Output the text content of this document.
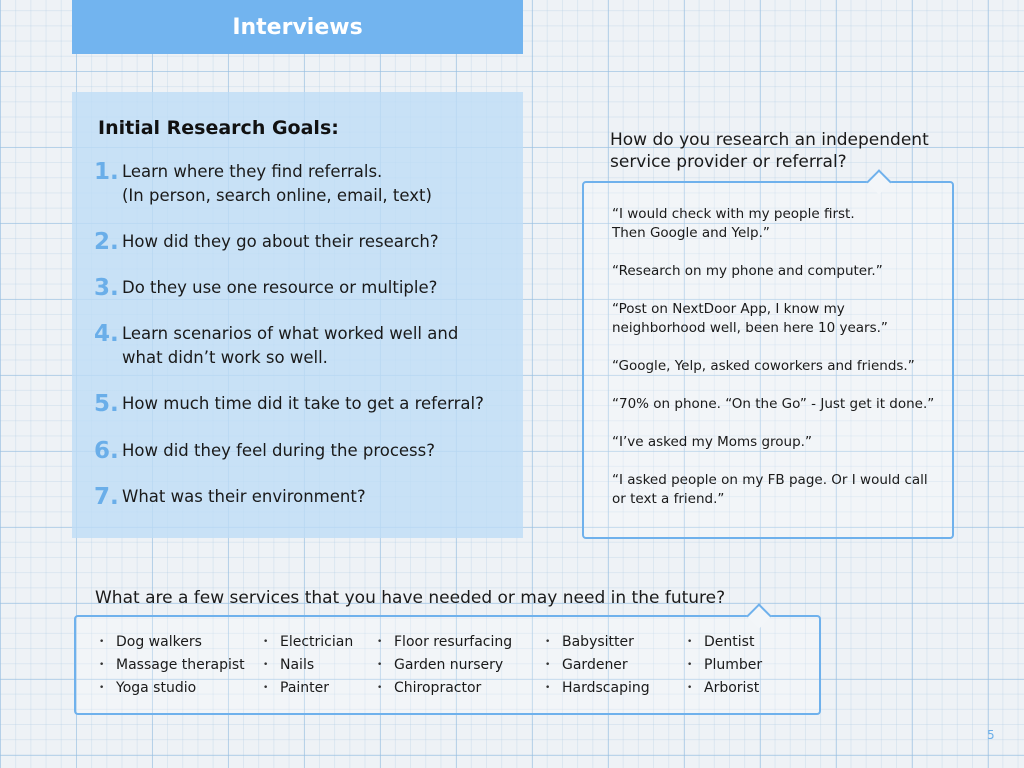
Interviews
Initial Research Goals:
1. Learn where they find referrals.
(In person, search online, email, text)
2. How did they go about their research?
3. Do they use one resource or multiple?
4. Learn scenarios of what worked well and
what didn’t work so well.
5. How much time did it take to get a referral?
6. How did they feel during the process?
7. What was their environment?
How do you research an independent
service provider or referral?
“I would check with my people first.
Then Google and Yelp.”
“Research on my phone and computer.”
“Post on NextDoor App, I know my
neighborhood well, been here 10 years.”
“Google, Yelp, asked coworkers and friends.”
“70% on phone. “On the Go” - Just get it done.”
“I’ve asked my Moms group.”
“I asked people on my FB page. Or I would call
or text a friend.”
What are a few services that you have needed or may need in the future?
• Dog walkers
• Massage therapist
• Yoga studio
• Electrician
• Nails
• Painter
• Floor resurfacing
• Garden nursery
• Chiropractor
• Babysitter
• Gardener
• Hardscaping
• Dentist
• Plumber
• Arborist
5
